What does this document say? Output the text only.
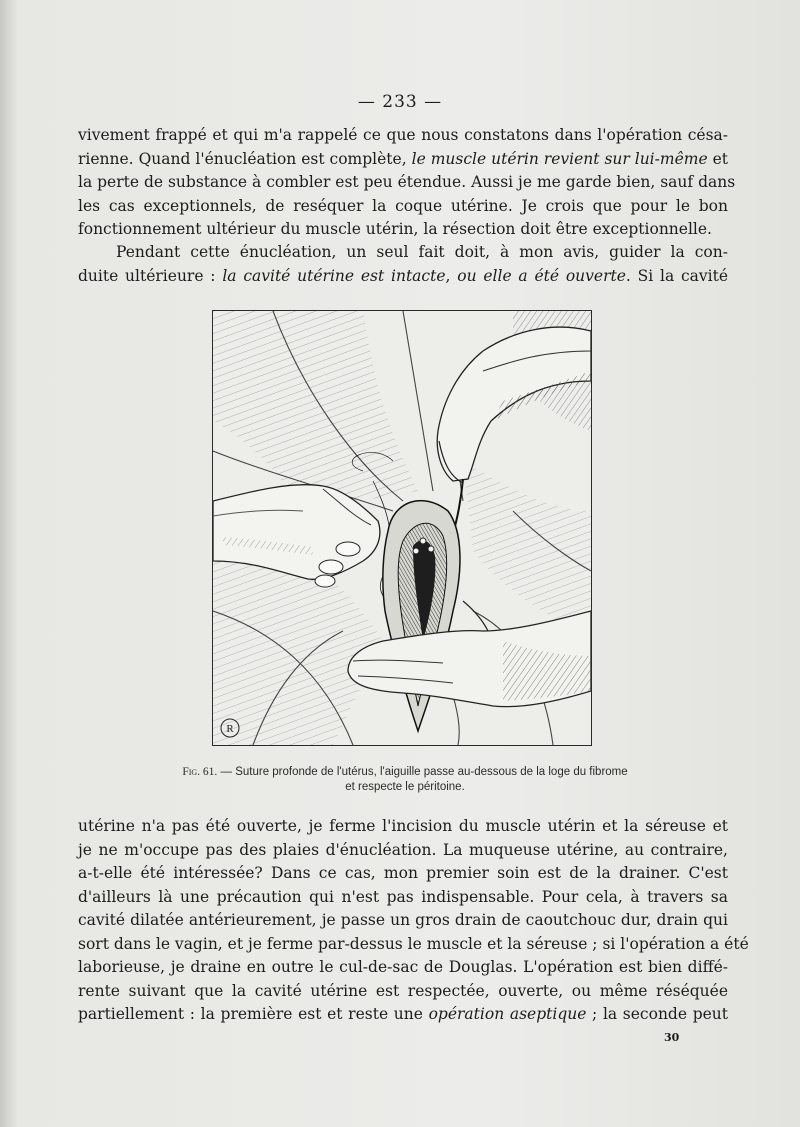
— 233 —
vivement frappé et qui m'a rappelé ce que nous constatons dans l'opération césa-
rienne. Quand l'énucléation est complète, le muscle utérin revient sur lui-même et
la perte de substance à combler est peu étendue. Aussi je me garde bien, sauf dans
les cas exceptionnels, de reséquer la coque utérine. Je crois que pour le bon
fonctionnement ultérieur du muscle utérin, la résection doit être exceptionnelle.
Pendant cette énucléation, un seul fait doit, à mon avis, guider la con-
duite ultérieure : la cavité utérine est intacte, ou elle a été ouverte. Si la cavité
R
Fig. 61. — Suture profonde de l'utérus, l'aiguille passe au-dessous de la loge du fibrome
et respecte le péritoine.
utérine n'a pas été ouverte, je ferme l'incision du muscle utérin et la séreuse et
je ne m'occupe pas des plaies d'énucléation. La muqueuse utérine, au contraire,
a-t-elle été intéressée? Dans ce cas, mon premier soin est de la drainer. C'est
d'ailleurs là une précaution qui n'est pas indispensable. Pour cela, à travers sa
cavité dilatée antérieurement, je passe un gros drain de caoutchouc dur, drain qui
sort dans le vagin, et je ferme par-dessus le muscle et la séreuse ; si l'opération a été
laborieuse, je draine en outre le cul-de-sac de Douglas. L'opération est bien diffé-
rente suivant que la cavité utérine est respectée, ouverte, ou même réséquée
partiellement : la première est et reste une opération aseptique ; la seconde peut
30
